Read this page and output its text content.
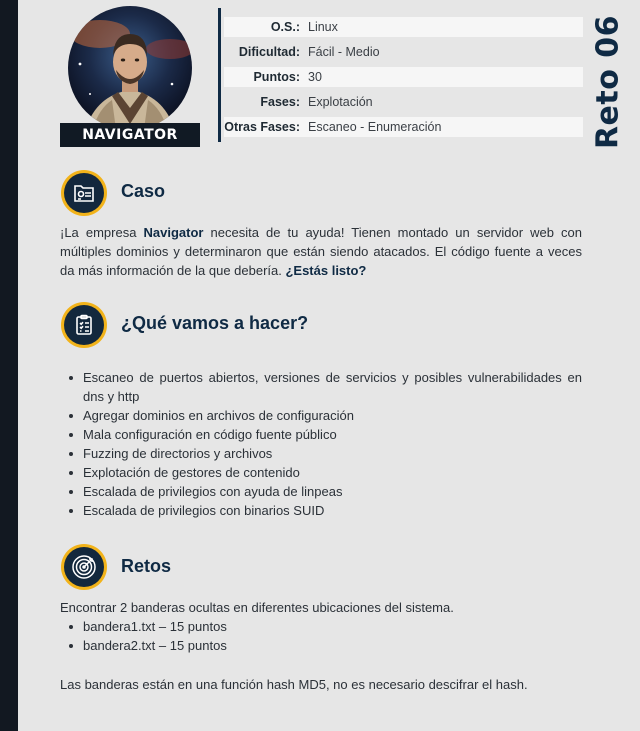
NAVIGATOR
O.S.: Linux
Dificultad: Fácil - Medio
Puntos: 30
Fases: Explotación
Otras Fases: Escaneo - Enumeración	Reto 06
Caso
¡La empresa Navigator necesita de tu ayuda! Tienen montado un servidor web con múltiples dominios y determinaron que están siendo atacados. El código fuente a veces da más información de la que debería. ¿Estás listo?
¿Qué vamos a hacer?
Escaneo de puertos abiertos, versiones de servicios y posibles vulnerabilidades en dns y http
Agregar dominios en archivos de configuración
Mala configuración en código fuente público
Fuzzing de directorios y archivos
Explotación de gestores de contenido
Escalada de privilegios con ayuda de linpeas
Escalada de privilegios con binarios SUID
Retos
Encontrar 2 banderas ocultas en diferentes ubicaciones del sistema.
bandera1.txt – 15 puntos
bandera2.txt – 15 puntos
Las banderas están en una función hash MD5, no es necesario descifrar el hash.
